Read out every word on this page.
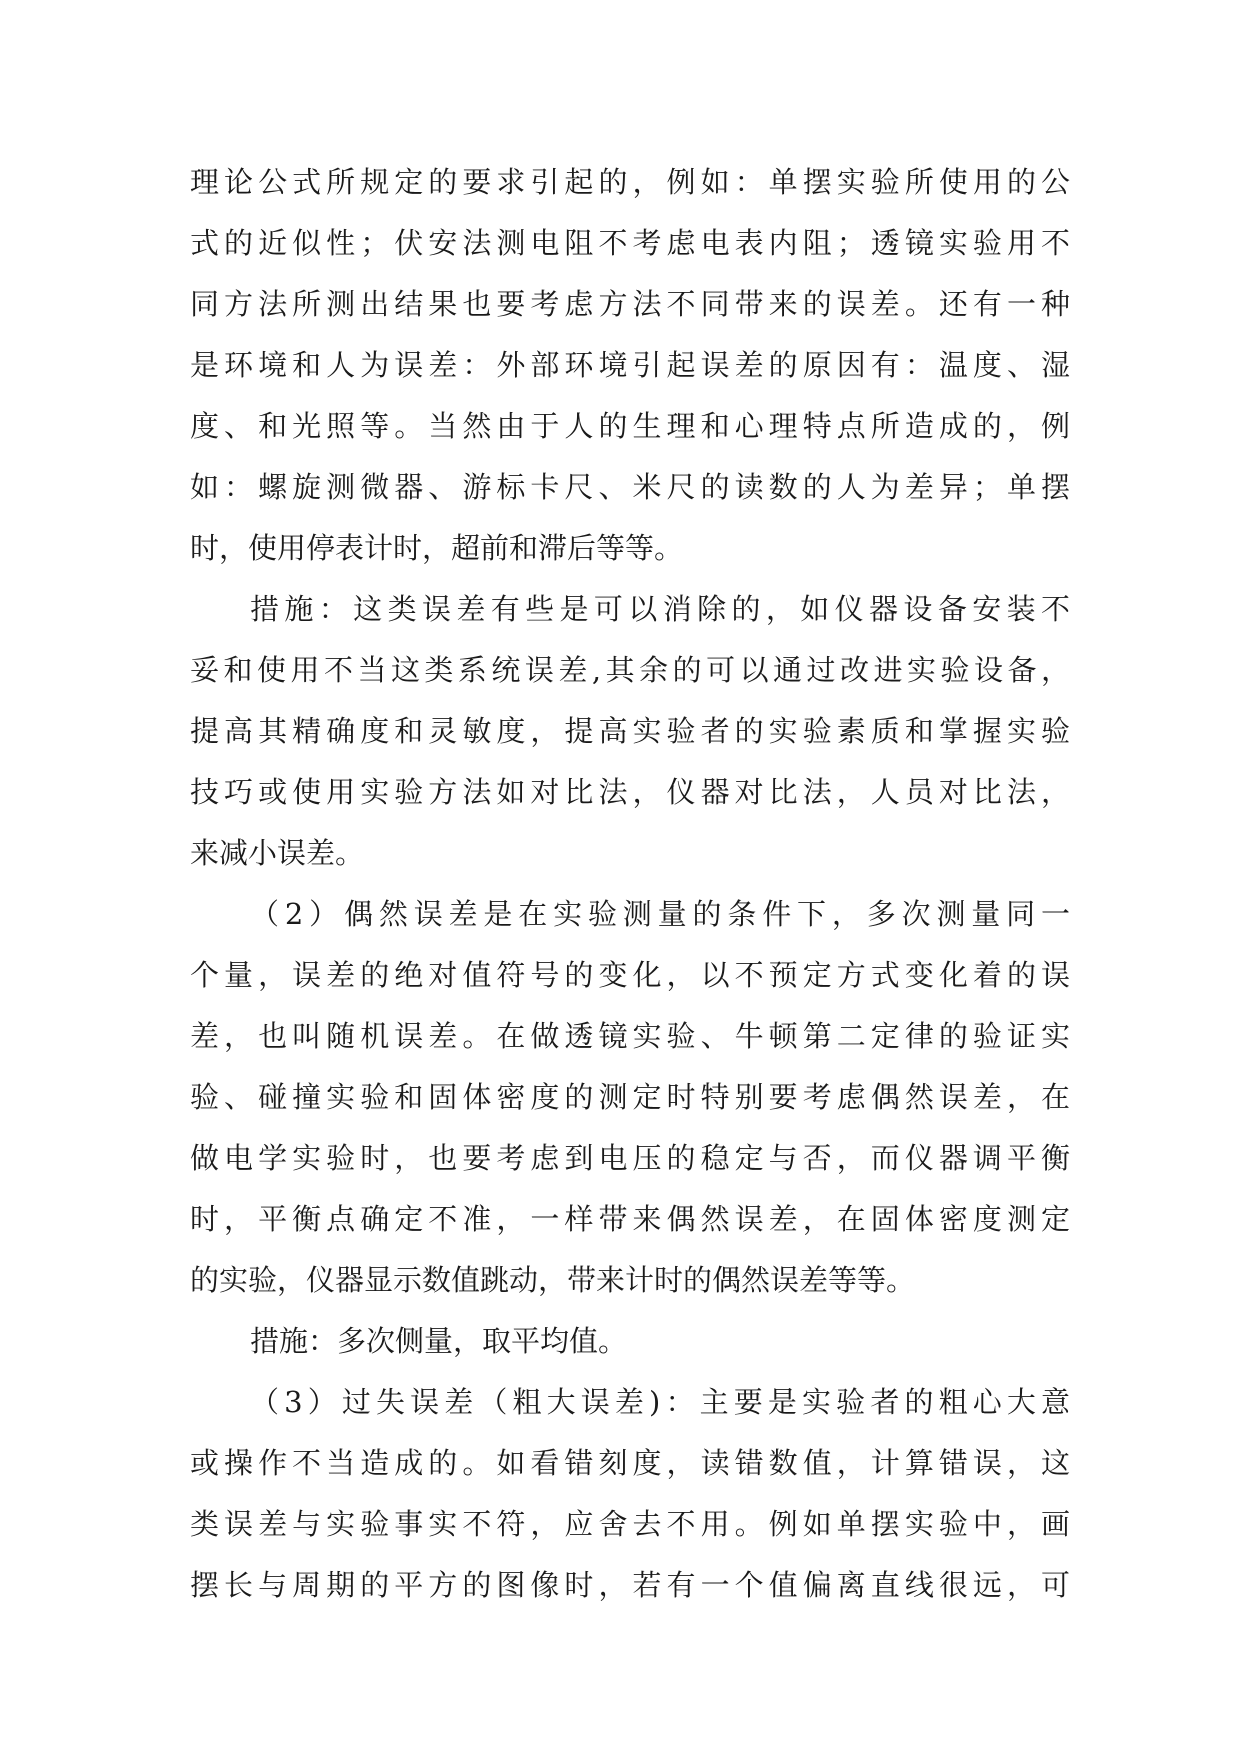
理论公式所规定的要求引起的，例如：单摆实验所使用的公
式的近似性；伏安法测电阻不考虑电表内阻；透镜实验用不
同方法所测出结果也要考虑方法不同带来的误差。还有一种
是环境和人为误差：外部环境引起误差的原因有：温度、湿
度、和光照等。当然由于人的生理和心理特点所造成的，例
如：螺旋测微器、游标卡尺、米尺的读数的人为差异；单摆
时，使用停表计时，超前和滞后等等。
措施：这类误差有些是可以消除的，如仪器设备安装不
妥和使用不当这类系统误差,其余的可以通过改进实验设备，
提高其精确度和灵敏度，提高实验者的实验素质和掌握实验
技巧或使用实验方法如对比法，仪器对比法，人员对比法，
来减小误差。
（2）偶然误差是在实验测量的条件下，多次测量同一
个量，误差的绝对值符号的变化，以不预定方式变化着的误
差，也叫随机误差。在做透镜实验、牛顿第二定律的验证实
验、碰撞实验和固体密度的测定时特别要考虑偶然误差，在
做电学实验时，也要考虑到电压的稳定与否，而仪器调平衡
时，平衡点确定不准，一样带来偶然误差，在固体密度测定
的实验，仪器显示数值跳动，带来计时的偶然误差等等。
措施：多次侧量，取平均值。
（3）过失误差（粗大误差)：主要是实验者的粗心大意
或操作不当造成的。如看错刻度，读错数值，计算错误，这
类误差与实验事实不符，应舍去不用。例如单摆实验中，画
摆长与周期的平方的图像时，若有一个值偏离直线很远，可
